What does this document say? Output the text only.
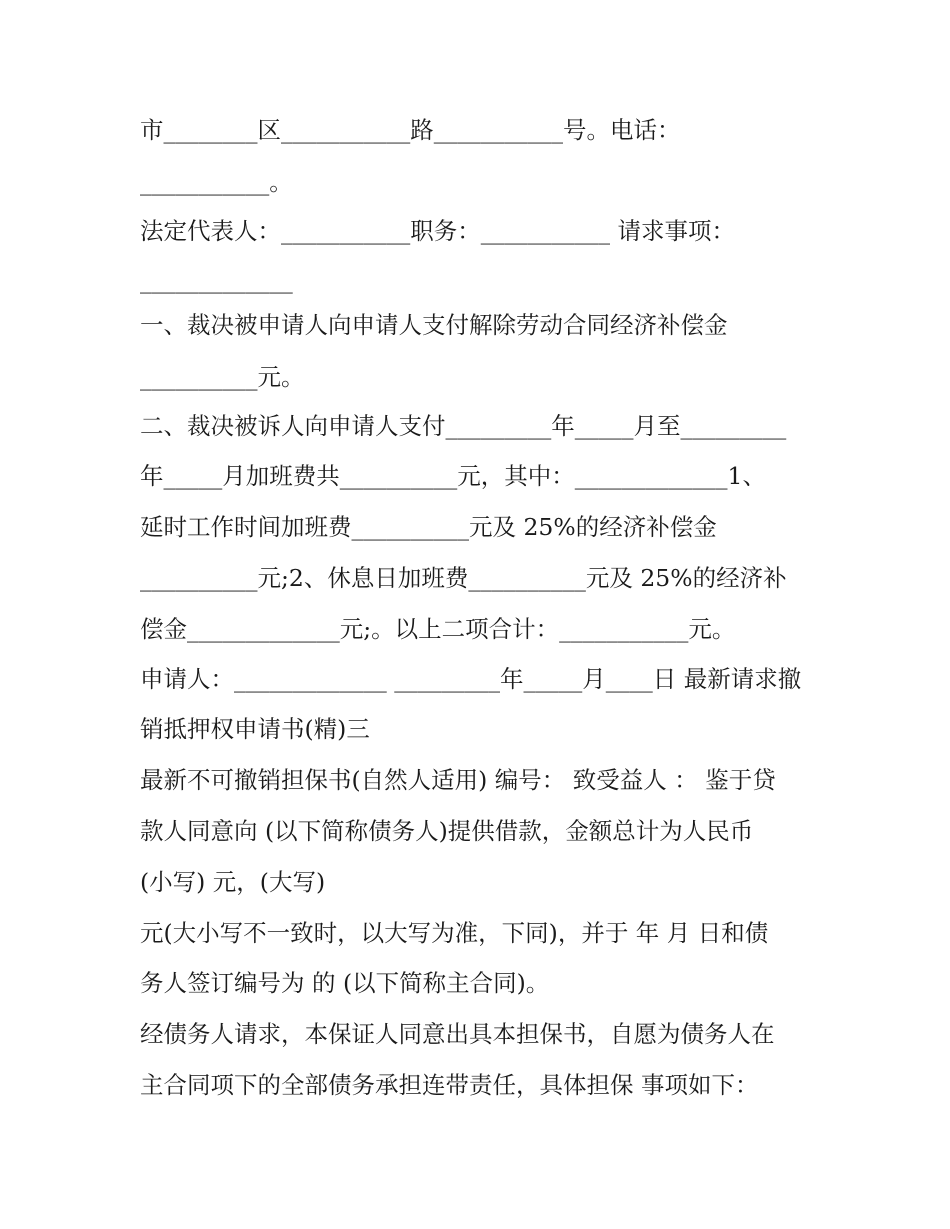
市________区___________路___________号。电话：
___________。
法定代表人：___________职务：___________ 请求事项：
_____________
一、裁决被申请人向申请人支付解除劳动合同经济补偿金
__________元。
二、裁决被诉人向申请人支付_________年_____月至_________
年_____月加班费共__________元，其中：_____________1、
延时工作时间加班费__________元及 25%的经济补偿金
__________元;2、休息日加班费__________元及 25%的经济补
偿金_____________元;。以上二项合计：___________元。
申请人：_____________ _________年_____月____日 最新请求撤
销抵押权申请书(精)三
最新不可撤销担保书(自然人适用) 编号： 致受益人 ： 鉴于贷
款人同意向 (以下简称债务人)提供借款，金额总计为人民币
(小写) 元，(大写)
元(大小写不一致时，以大写为准，下同)，并于 年 月 日和债
务人签订编号为 的 (以下简称主合同)。
经债务人请求，本保证人同意出具本担保书，自愿为债务人在
主合同项下的全部债务承担连带责任，具体担保 事项如下：
